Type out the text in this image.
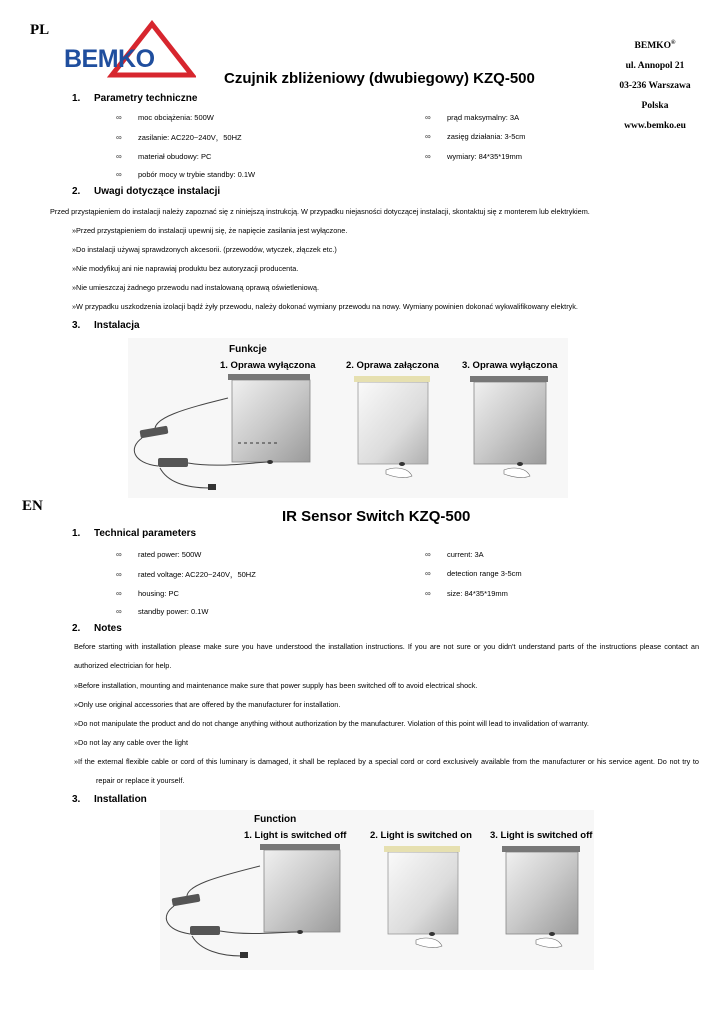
PL
BEMKO	BEMKO®
ul. Annopol 21
03-236 Warszawa
Polska
www.bemko.eu
Czujnik zbliżeniowy (dwubiegowy) KZQ-500
1. Parametry techniczne
∞ moc obciążenia: 500W
∞ zasilanie: AC220~240V，50HZ
∞ materiał obudowy: PC
∞ pobór mocy w trybie standby: 0.1W
∞ prąd maksymalny: 3A
∞ zasięg działania: 3-5cm
∞ wymiary: 84*35*19mm
2. Uwagi dotyczące instalacji
Przed przystąpieniem do instalacji należy zapoznać się z niniejszą instrukcją. W przypadku niejasności dotyczącej instalacji, skontaktuj się z monterem lub elektrykiem.
»Przed przystąpieniem do instalacji upewnij się, że napięcie zasilania jest wyłączone.
»Do instalacji używaj sprawdzonych akcesorii. (przewodów, wtyczek, złączek etc.)
»Nie modyfikuj ani nie naprawiaj produktu bez autoryzacji producenta.
»Nie umieszczaj żadnego przewodu nad instalowaną oprawą oświetleniową.
»W przypadku uszkodzenia izolacji bądź żyły przewodu, należy dokonać wymiany przewodu na nowy. Wymiany powinien dokonać wykwalifikowany elektryk.
3. Instalacja
Funkcje
1. Oprawa wyłączona	2. Oprawa załączona 3. Oprawa wyłączona
EN
IR Sensor Switch KZQ-500
1. Technical parameters
∞ rated power: 500W
∞ rated voltage: AC220~240V，50HZ
∞ housing: PC
∞ standby power: 0.1W
∞ current: 3A
∞ detection range 3-5cm
∞ size: 84*35*19mm
2. Notes
Before starting with installation please make sure you have understood the installation instructions. If you are not sure or you didn't understand parts of the instructions please contact an
authorized electrician for help.
»Before installation, mounting and maintenance make sure that power supply has been switched off to avoid electrical shock.
»Only use original accessories that are offered by the manufacturer for installation.
»Do not manipulate the product and do not change anything without authorization by the manufacturer. Violation of this point will lead to invalidation of warranty.
»Do not lay any cable over the light
»If the external flexible cable or cord of this luminary is damaged, it shall be replaced by a special cord or cord exclusively available from the manufacturer or his service agent. Do not try to
repair or replace it yourself.
3. Installation
Function
1. Light is switched off 2. Light is switched on 3. Light is switched off
